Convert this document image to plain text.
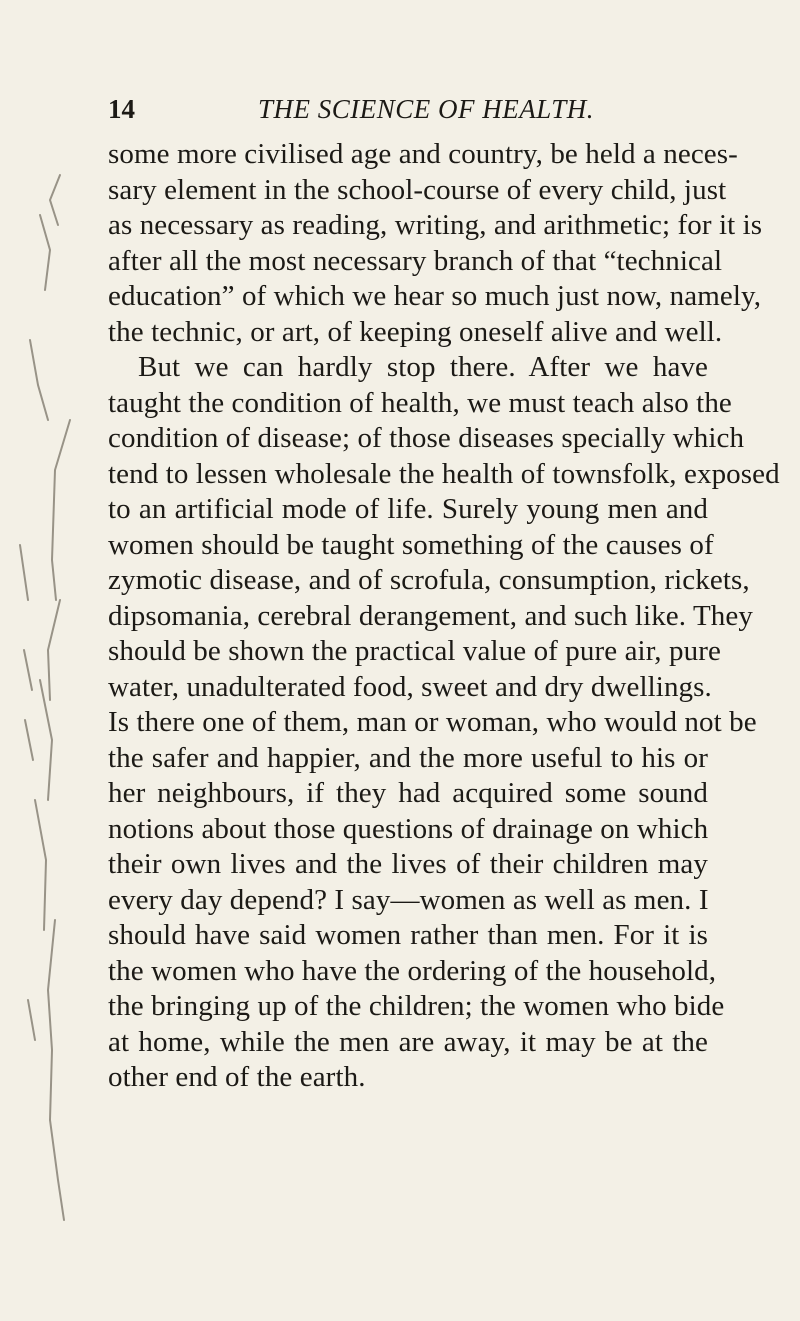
14	THE SCIENCE OF HEALTH.
some more civilised age and country, be held a neces-
sary element in the school-course of every child, just
as necessary as reading, writing, and arithmetic; for it is
after all the most necessary branch of that “technical
education” of which we hear so much just now, namely,
the technic, or art, of keeping oneself alive and well.
But we can hardly stop there. After we have
taught the condition of health, we must teach also the
condition of disease; of those diseases specially which
tend to lessen wholesale the health of townsfolk, exposed
to an artificial mode of life. Surely young men and
women should be taught something of the causes of
zymotic disease, and of scrofula, consumption, rickets,
dipsomania, cerebral derangement, and such like. They
should be shown the practical value of pure air, pure
water, unadulterated food, sweet and dry dwellings.
Is there one of them, man or woman, who would not be
the safer and happier, and the more useful to his or
her neighbours, if they had acquired some sound
notions about those questions of drainage on which
their own lives and the lives of their children may
every day depend? I say—women as well as men. I
should have said women rather than men. For it is
the women who have the ordering of the household,
the bringing up of the children; the women who bide
at home, while the men are away, it may be at the
other end of the earth.
